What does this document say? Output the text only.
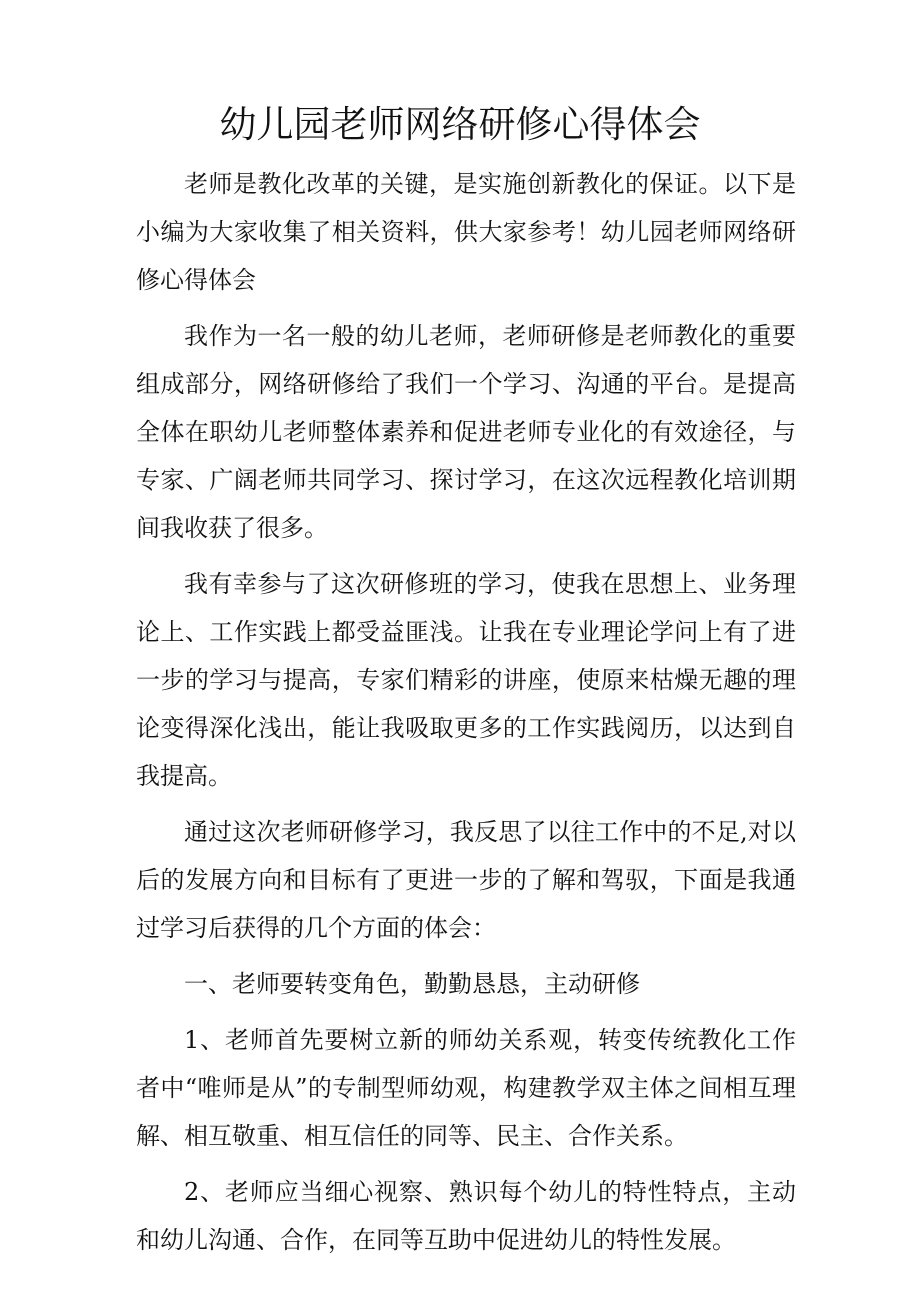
幼儿园老师网络研修心得体会

老师是教化改革的关键，是实施创新教化的保证。以下是小编为大家收集了相关资料，供大家参考！幼儿园老师网络研修心得体会

我作为一名一般的幼儿老师，老师研修是老师教化的重要组成部分，网络研修给了我们一个学习、沟通的平台。是提高全体在职幼儿老师整体素养和促进老师专业化的有效途径，与专家、广阔老师共同学习、探讨学习，在这次远程教化培训期间我收获了很多。

我有幸参与了这次研修班的学习，使我在思想上、业务理论上、工作实践上都受益匪浅。让我在专业理论学问上有了进一步的学习与提高，专家们精彩的讲座，使原来枯燥无趣的理论变得深化浅出，能让我吸取更多的工作实践阅历，以达到自我提高。

通过这次老师研修学习，我反思了以往工作中的不足,对以后的发展方向和目标有了更进一步的了解和驾驭，下面是我通过学习后获得的几个方面的体会：

一、老师要转变角色，勤勤恳恳，主动研修

1、老师首先要树立新的师幼关系观，转变传统教化工作者中“唯师是从”的专制型师幼观，构建教学双主体之间相互理解、相互敬重、相互信任的同等、民主、合作关系。

2、老师应当细心视察、熟识每个幼儿的特性特点，主动和幼儿沟通、合作，在同等互助中促进幼儿的特性发展。
